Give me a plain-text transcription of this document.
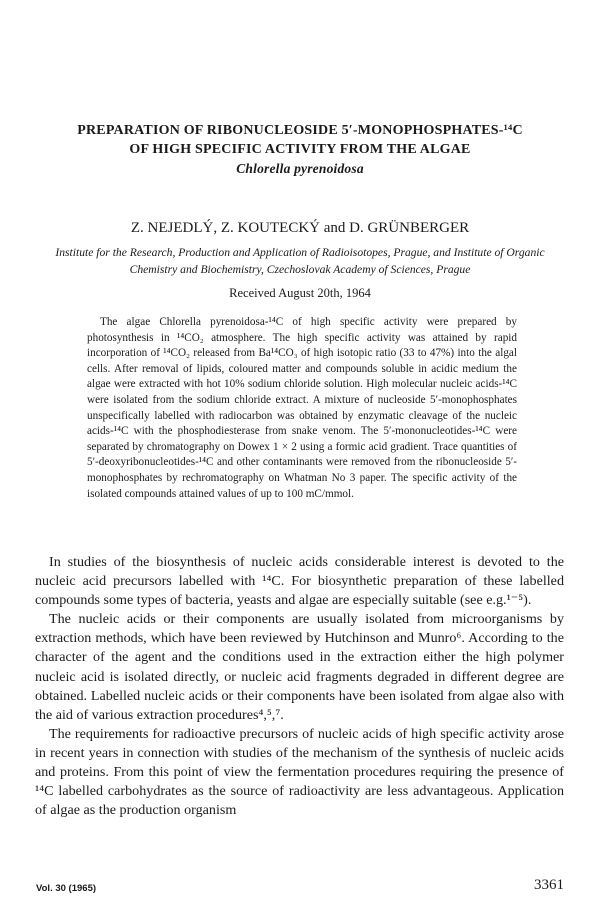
PREPARATION OF RIBONUCLEOSIDE 5′-MONOPHOSPHATES-¹⁴C
OF HIGH SPECIFIC ACTIVITY FROM THE ALGAE
Chlorella pyrenoidosa
Z. NEJEDLÝ, Z. KOUTECKÝ and D. GRÜNBERGER
Institute for the Research, Production and Application of Radioisotopes, Prague, and Institute of Organic Chemistry and Biochemistry, Czechoslovak Academy of Sciences, Prague
Received August 20th, 1964
The algae Chlorella pyrenoidosa-¹⁴C of high specific activity were prepared by photosynthesis in ¹⁴CO₂ atmosphere. The high specific activity was attained by rapid incorporation of ¹⁴CO₂ released from Ba¹⁴CO₃ of high isotopic ratio (33 to 47%) into the algal cells. After removal of lipids, coloured matter and compounds soluble in acidic medium the algae were extracted with hot 10% sodium chloride solution. High molecular nucleic acids-¹⁴C were isolated from the sodium chloride extract. A mixture of nucleoside 5′-monophosphates unspecifically labelled with radiocarbon was obtained by enzymatic cleavage of the nucleic acids-¹⁴C with the phosphodiesterase from snake venom. The 5′-mononucleotides-¹⁴C were separated by chromatography on Dowex 1 × 2 using a formic acid gradient. Trace quantities of 5′-deoxyribonucleotides-¹⁴C and other contaminants were removed from the ribonucleoside 5′-monophosphates by rechromatography on Whatman No 3 paper. The specific activity of the isolated compounds attained values of up to 100 mC/mmol.

In studies of the biosynthesis of nucleic acids considerable interest is devoted to the nucleic acid precursors labelled with ¹⁴C. For biosynthetic preparation of these labelled compounds some types of bacteria, yeasts and algae are especially suitable (see e.g.¹⁻⁵).

The nucleic acids or their components are usually isolated from microorganisms by extraction methods, which have been reviewed by Hutchinson and Munro⁶. According to the character of the agent and the conditions used in the extraction either the high polymer nucleic acid is isolated directly, or nucleic acid fragments degraded in different degree are obtained. Labelled nucleic acids or their components have been isolated from algae also with the aid of various extraction procedures⁴,⁵,⁷.

The requirements for radioactive precursors of nucleic acids of high specific activity arose in recent years in connection with studies of the mechanism of the synthesis of nucleic acids and proteins. From this point of view the fermentation procedures requiring the presence of ¹⁴C labelled carbohydrates as the source of radioactivity are less advantageous. Application of algae as the production organism

Vol. 30 (1965)	3361
